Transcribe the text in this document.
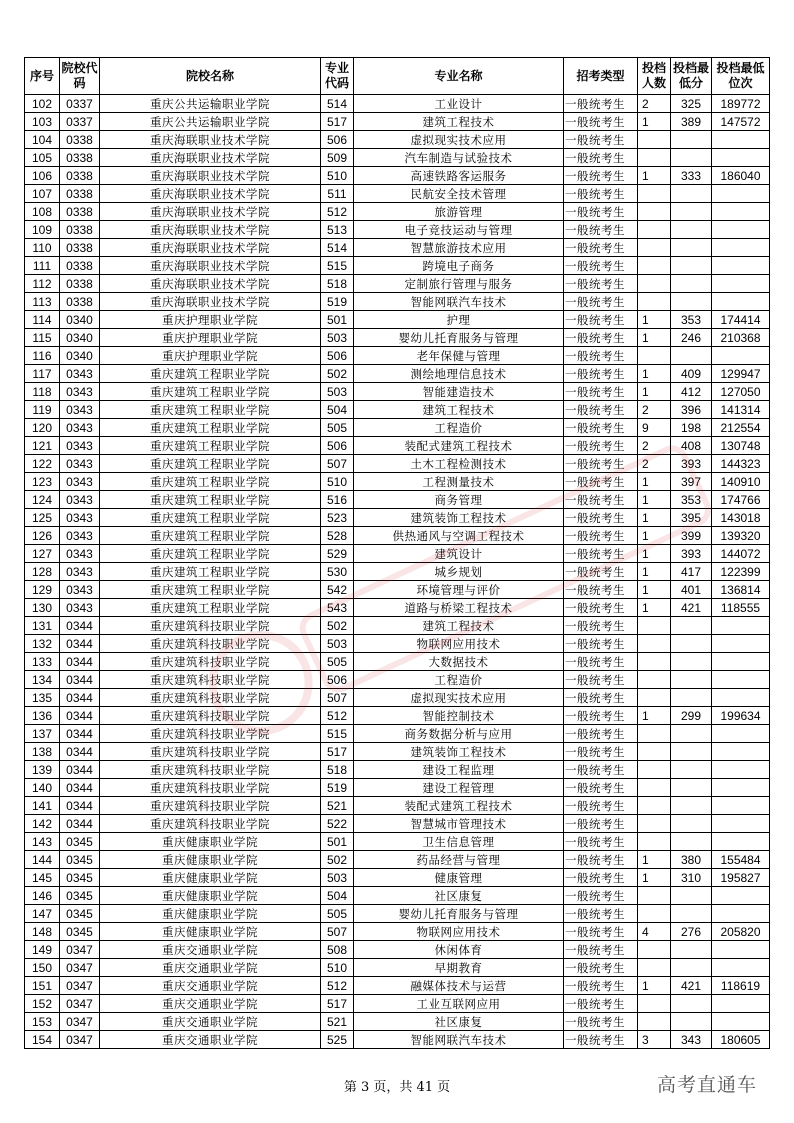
序号	院校代码	院校名称	专业代码	专业名称	招考类型	投档人数	投档最低分	投档最低位次
102	0337	重庆公共运输职业学院	514	工业设计	一般统考生	2	325	189772
103	0337	重庆公共运输职业学院	517	建筑工程技术	一般统考生	1	389	147572
104	0338	重庆海联职业技术学院	506	虚拟现实技术应用	一般统考生			
105	0338	重庆海联职业技术学院	509	汽车制造与试验技术	一般统考生			
106	0338	重庆海联职业技术学院	510	高速铁路客运服务	一般统考生	1	333	186040
107	0338	重庆海联职业技术学院	511	民航安全技术管理	一般统考生			
108	0338	重庆海联职业技术学院	512	旅游管理	一般统考生			
109	0338	重庆海联职业技术学院	513	电子竞技运动与管理	一般统考生			
110	0338	重庆海联职业技术学院	514	智慧旅游技术应用	一般统考生			
111	0338	重庆海联职业技术学院	515	跨境电子商务	一般统考生			
112	0338	重庆海联职业技术学院	518	定制旅行管理与服务	一般统考生			
113	0338	重庆海联职业技术学院	519	智能网联汽车技术	一般统考生			
114	0340	重庆护理职业学院	501	护理	一般统考生	1	353	174414
115	0340	重庆护理职业学院	503	婴幼儿托育服务与管理	一般统考生	1	246	210368
116	0340	重庆护理职业学院	506	老年保健与管理	一般统考生			
117	0343	重庆建筑工程职业学院	502	测绘地理信息技术	一般统考生	1	409	129947
118	0343	重庆建筑工程职业学院	503	智能建造技术	一般统考生	1	412	127050
119	0343	重庆建筑工程职业学院	504	建筑工程技术	一般统考生	2	396	141314
120	0343	重庆建筑工程职业学院	505	工程造价	一般统考生	9	198	212554
121	0343	重庆建筑工程职业学院	506	装配式建筑工程技术	一般统考生	2	408	130748
122	0343	重庆建筑工程职业学院	507	土木工程检测技术	一般统考生	2	393	144323
123	0343	重庆建筑工程职业学院	510	工程测量技术	一般统考生	1	397	140910
124	0343	重庆建筑工程职业学院	516	商务管理	一般统考生	1	353	174766
125	0343	重庆建筑工程职业学院	523	建筑装饰工程技术	一般统考生	1	395	143018
126	0343	重庆建筑工程职业学院	528	供热通风与空调工程技术	一般统考生	1	399	139320
127	0343	重庆建筑工程职业学院	529	建筑设计	一般统考生	1	393	144072
128	0343	重庆建筑工程职业学院	530	城乡规划	一般统考生	1	417	122399
129	0343	重庆建筑工程职业学院	542	环境管理与评价	一般统考生	1	401	136814
130	0343	重庆建筑工程职业学院	543	道路与桥梁工程技术	一般统考生	1	421	118555
131	0344	重庆建筑科技职业学院	502	建筑工程技术	一般统考生			
132	0344	重庆建筑科技职业学院	503	物联网应用技术	一般统考生			
133	0344	重庆建筑科技职业学院	505	大数据技术	一般统考生			
134	0344	重庆建筑科技职业学院	506	工程造价	一般统考生			
135	0344	重庆建筑科技职业学院	507	虚拟现实技术应用	一般统考生			
136	0344	重庆建筑科技职业学院	512	智能控制技术	一般统考生	1	299	199634
137	0344	重庆建筑科技职业学院	515	商务数据分析与应用	一般统考生			
138	0344	重庆建筑科技职业学院	517	建筑装饰工程技术	一般统考生			
139	0344	重庆建筑科技职业学院	518	建设工程监理	一般统考生			
140	0344	重庆建筑科技职业学院	519	建设工程管理	一般统考生			
141	0344	重庆建筑科技职业学院	521	装配式建筑工程技术	一般统考生			
142	0344	重庆建筑科技职业学院	522	智慧城市管理技术	一般统考生			
143	0345	重庆健康职业学院	501	卫生信息管理	一般统考生			
144	0345	重庆健康职业学院	502	药品经营与管理	一般统考生	1	380	155484
145	0345	重庆健康职业学院	503	健康管理	一般统考生	1	310	195827
146	0345	重庆健康职业学院	504	社区康复	一般统考生			
147	0345	重庆健康职业学院	505	婴幼儿托育服务与管理	一般统考生			
148	0345	重庆健康职业学院	507	物联网应用技术	一般统考生	4	276	205820
149	0347	重庆交通职业学院	508	休闲体育	一般统考生			
150	0347	重庆交通职业学院	510	早期教育	一般统考生			
151	0347	重庆交通职业学院	512	融媒体技术与运营	一般统考生	1	421	118619
152	0347	重庆交通职业学院	517	工业互联网应用	一般统考生			
153	0347	重庆交通职业学院	521	社区康复	一般统考生			
154	0347	重庆交通职业学院	525	智能网联汽车技术	一般统考生	3	343	180605
第 3 页，共 41 页	高考直通车
